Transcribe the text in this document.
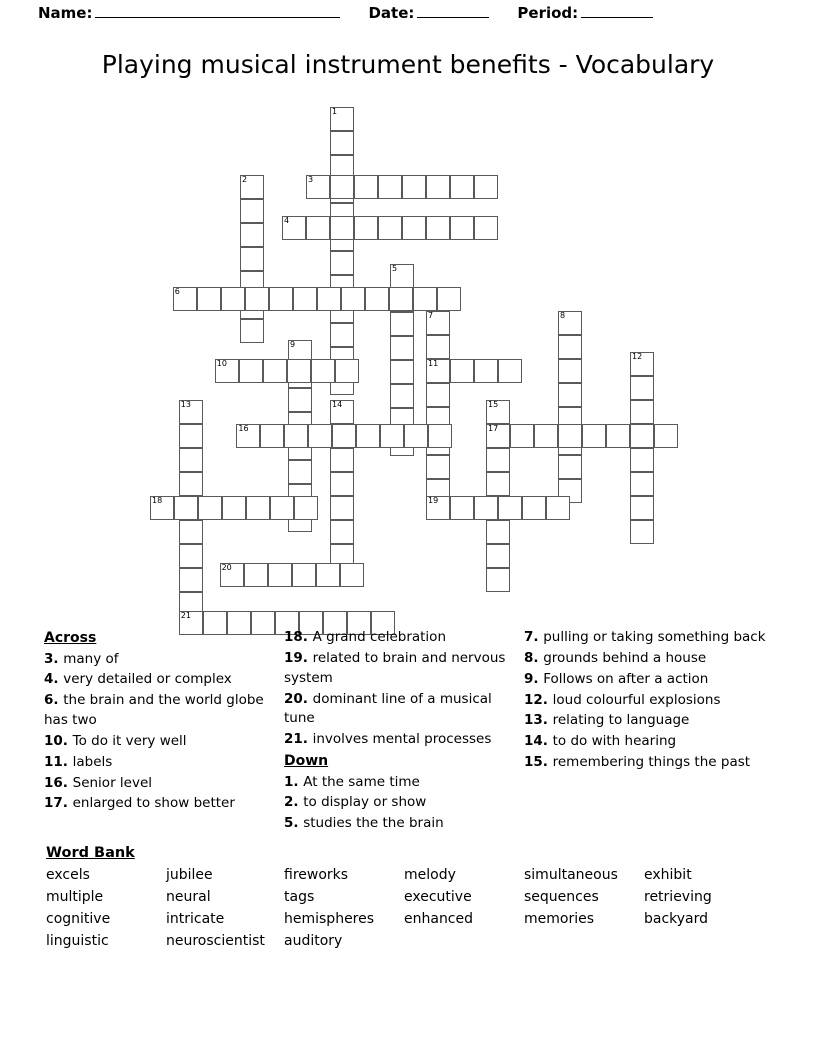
Name:	Date:	Period:
Playing musical instrument benefits - Vocabulary
1
2	3
4
5
6
7
11
8
9
10
12
13	14	15
17
16
18	19
20
21
Across
3. many of
4. very detailed or complex
6. the brain and the world globe has two
10. To do it very well
11. labels
16. Senior level
17. enlarged to show better
18. A grand celebration
19. related to brain and nervous system
20. dominant line of a musical tune
21. involves mental processes
Down
1. At the same time
2. to display or show
5. studies the the brain
7. pulling or taking something back
8. grounds behind a house
9. Follows on after a action
12. loud colourful explosions
13. relating to language
14. to do with hearing
15. remembering things the past
Word Bank
excels	jubilee	fireworks	melody	simultaneous	exhibit
multiple	neural	tags	executive	sequences	retrieving
cognitive	intricate	hemispheres	enhanced	memories	backyard
linguistic	neuroscientist	auditory
